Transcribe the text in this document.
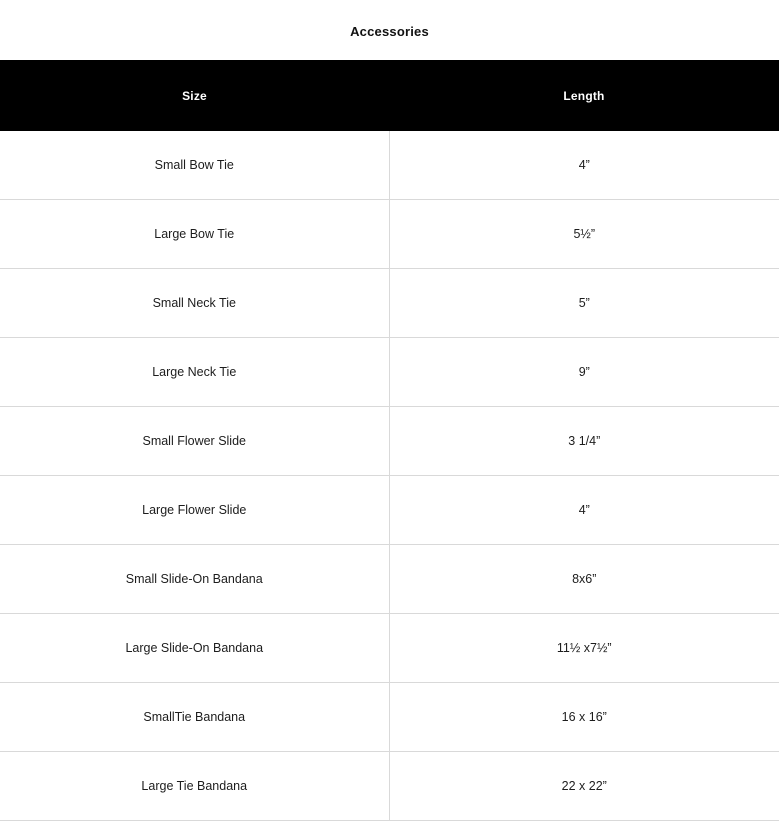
Accessories
Size	Length
Small Bow Tie	4”
Large Bow Tie	5½”
Small Neck Tie	5”
Large Neck Tie	9”
Small Flower Slide	3 1/4”
Large Flower Slide	4”
Small Slide-On Bandana	8x6”
Large Slide-On Bandana	11½ x7½”
SmallTie Bandana	16 x 16”
Large Tie Bandana	22 x 22”
